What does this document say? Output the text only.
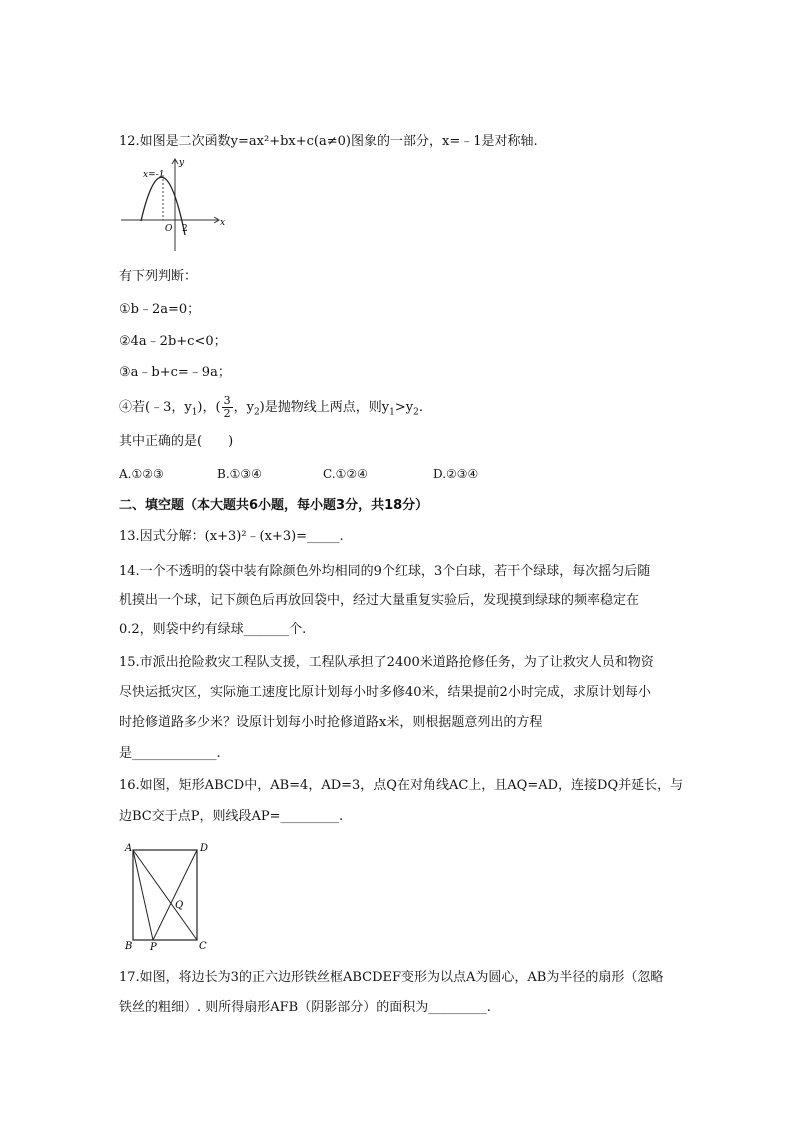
12.如图是二次函数y=ax²+bx+c(a≠0)图象的一部分，x=﹣1是对称轴.
x=-1
y
x
O 2
有下列判断：
①b﹣2a=0；
②4a﹣2b+c<0；
③a﹣b+c=﹣9a；
④若(﹣3，$y_1$)，( $\frac{3}{2}$ ，$y_2$)是抛物线上两点，则$y_1>y_2$.
其中正确的是(　　)
A.①②③	B.①③④	C.①②④	D.②③④
二、填空题（本大题共6小题，每小题3分，共18分）
13.因式分解：(x+3)²﹣(x+3)=_____.
14.一个不透明的袋中装有除颜色外均相同的9个红球，3个白球，若干个绿球，每次摇匀后随
机摸出一个球，记下颜色后再放回袋中，经过大量重复实验后，发现摸到绿球的频率稳定在
0.2，则袋中约有绿球_______个.
15.市派出抢险救灾工程队支援，工程队承担了2400米道路抢修任务，为了让救灾人员和物资
尽快运抵灾区，实际施工速度比原计划每小时多修40米，结果提前2小时完成，求原计划每小
时抢修道路多少米？设原计划每小时抢修道路x米，则根据题意列出的方程
是_____________.
16.如图，矩形ABCD中，AB=4，AD=3，点Q在对角线AC上，且AQ=AD，连接DQ并延长，与
边BC交于点P，则线段AP=_________.
A	D
B P	C
Q
17.如图，将边长为3的正六边形铁丝框ABCDEF变形为以点A为圆心，AB为半径的扇形（忽略
铁丝的粗细）. 则所得扇形AFB（阴影部分）的面积为_________.
